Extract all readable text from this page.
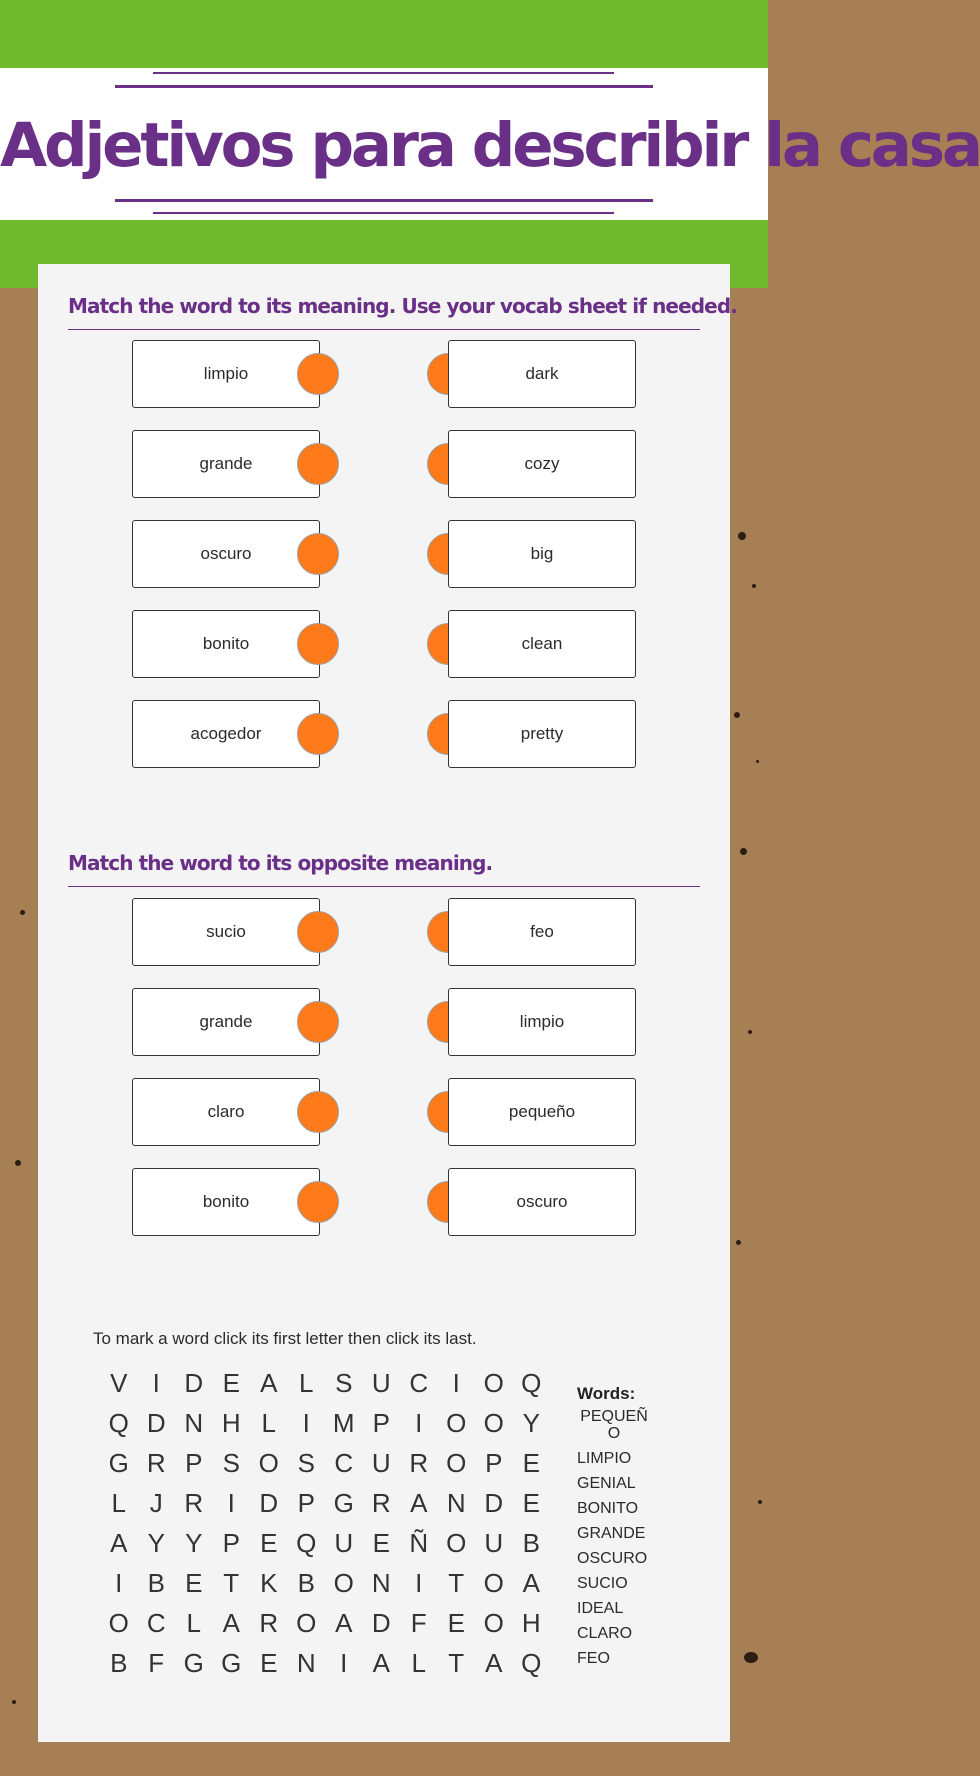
Adjetivos para describir la casa

Match the word to its meaning. Use your vocab sheet if needed.

limpio	dark
grande	cozy
oscuro	big
bonito	clean
acogedor	pretty

Match the word to its opposite meaning.

sucio	feo
grande	limpio
claro	pequeño
bonito	oscuro

To mark a word click its first letter then click its last.

V I D E A L S U C I O Q
Q D N H L	I M P I O O Y
G R P S O S C U R O P E
L J R I D P G R A N D E
A Y Y P E Q U E Ñ O U B
I B E T K B O N I T O A
O C L A R O A D F E O H
B F G G E N I A L T A Q

Words:

PEQUEÑO

LIMPIO

GENIAL

BONITO

GRANDE

OSCURO

SUCIO

IDEAL

CLARO

FEO
